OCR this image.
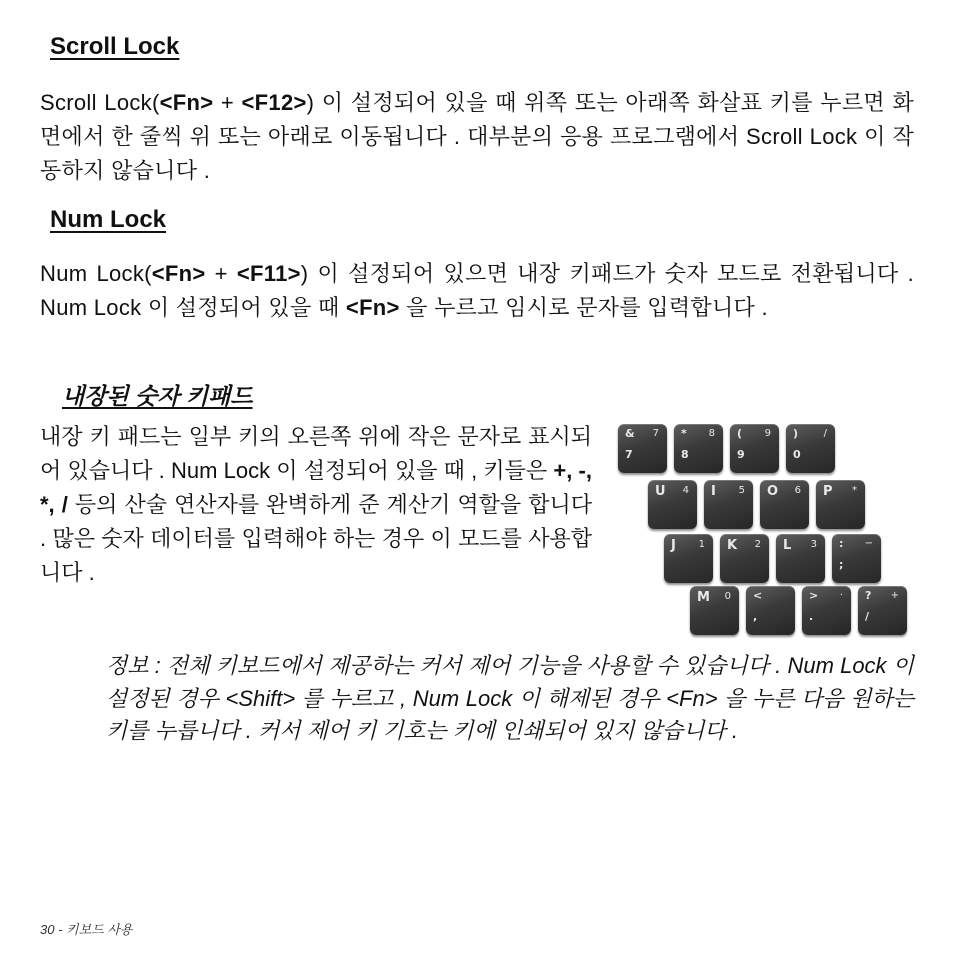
Scroll Lock

Scroll Lock(<Fn> + <F12>) 이 설정되어 있을 때 위쪽 또는 아래쪽 화살표 키를 누르면 화면에서 한 줄씩 위 또는 아래로 이동됩니다 . 대부분의 응용 프로그램에서 Scroll Lock 이 작동하지 않습니다 .

Num Lock

Num Lock(<Fn> + <F11>) 이 설정되어 있으면 내장 키패드가 숫자 모드로 전환됩니다 . Num Lock 이 설정되어 있을 때 <Fn> 을 누르고 임시로 문자를 입력합니다 .

내장된 숫자 키패드

내장 키 패드는 일부 키의 오른쪽 위에 작은 문자로 표시되어 있습니다 . Num Lock 이 설정되어 있을 때 , 키들은 +, -, *, / 등의 산술 연산자를 완벽하게 준 계산기 역할을 합니다 . 많은 숫자 데이터를 입력해야 하는 경우 이 모드를 사용합니다 .

& 7
7
* 8
8
( 9
9
)	/
0
U 4 I 5 O 6 P *
J 1 K 2 L 3 : −
;
M 0 <
,
> ·
.
? +
/

정보 : 전체 키보드에서 제공하는 커서 제어 기능을 사용할 수 있습니다 . Num Lock 이 설정된 경우 <Shift> 를 누르고 , Num Lock 이 해제된 경우 <Fn> 을 누른 다음 원하는 키를 누릅니다 . 커서 제어 키 기호는 키에 인쇄되어 있지 않습니다 .

30 - 키보드 사용
